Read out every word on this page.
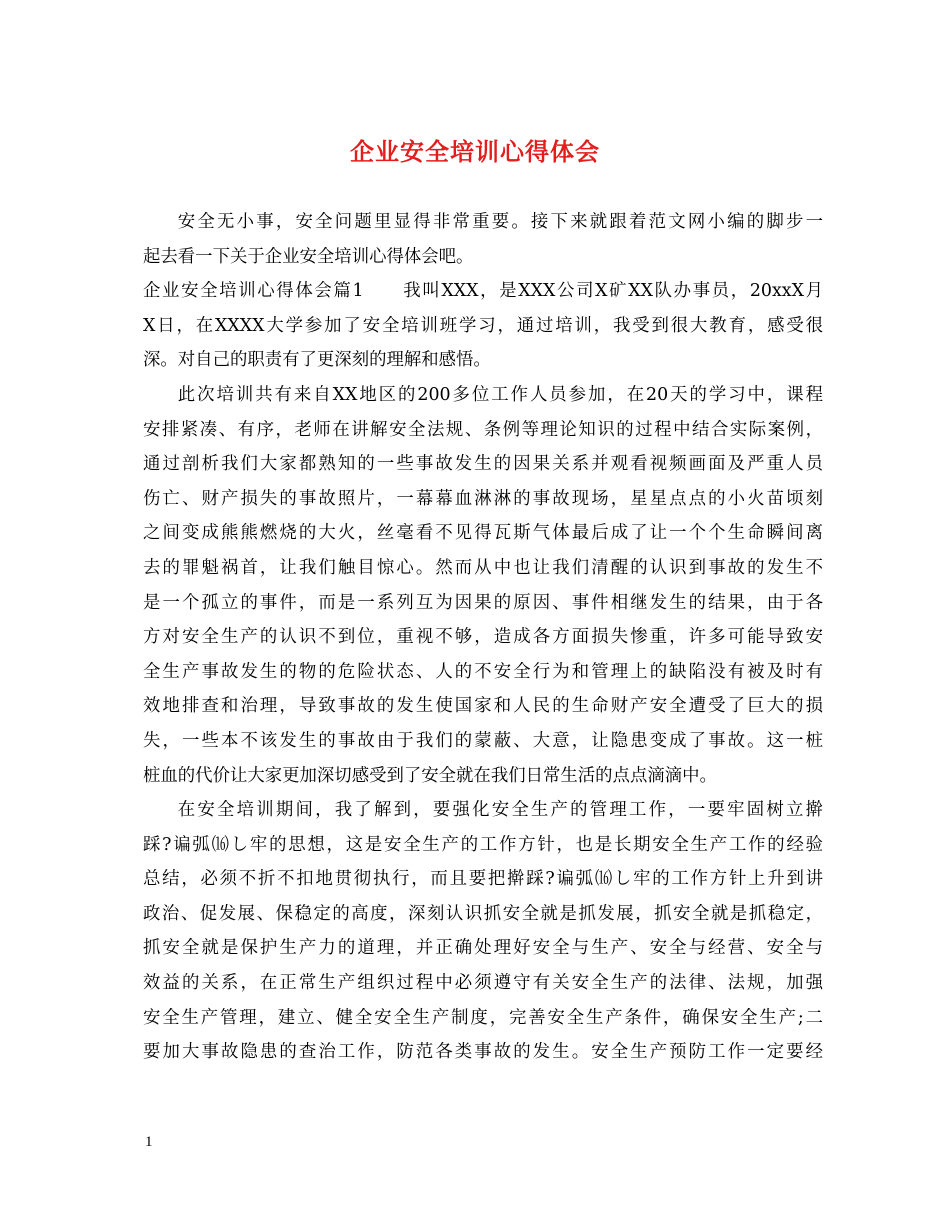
企业安全培训心得体会
安全无小事，安全问题里显得非常重要。接下来就跟着范文网小编的脚步一
起去看一下关于企业安全培训心得体会吧。
企业安全培训心得体会篇1　　我叫XXX，是XXX公司X矿XX队办事员，20xxX月
X日，在XXXX大学参加了安全培训班学习，通过培训，我受到很大教育，感受很
深。对自己的职责有了更深刻的理解和感悟。
此次培训共有来自XX地区的200多位工作人员参加，在20天的学习中，课程
安排紧凑、有序，老师在讲解安全法规、条例等理论知识的过程中结合实际案例，
通过剖析我们大家都熟知的一些事故发生的因果关系并观看视频画面及严重人员
伤亡、财产损失的事故照片，一幕幕血淋淋的事故现场，星星点点的小火苗顷刻
之间变成熊熊燃烧的大火，丝毫看不见得瓦斯气体最后成了让一个个生命瞬间离
去的罪魁祸首，让我们触目惊心。然而从中也让我们清醒的认识到事故的发生不
是一个孤立的事件，而是一系列互为因果的原因、事件相继发生的结果，由于各
方对安全生产的认识不到位，重视不够，造成各方面损失惨重，许多可能导致安
全生产事故发生的物的危险状态、人的不安全行为和管理上的缺陷没有被及时有
效地排查和治理，导致事故的发生使国家和人民的生命财产安全遭受了巨大的损
失，一些本不该发生的事故由于我们的蒙蔽、大意，让隐患变成了事故。这一桩
桩血的代价让大家更加深切感受到了安全就在我们日常生活的点点滴滴中。
在安全培训期间，我了解到，要强化安全生产的管理工作，一要牢固树立擀
踩?谝弧⒃し牢的思想，这是安全生产的工作方针，也是长期安全生产工作的经验
总结，必须不折不扣地贯彻执行，而且要把擀踩?谝弧⒃し牢的工作方针上升到讲
政治、促发展、保稳定的高度，深刻认识抓安全就是抓发展，抓安全就是抓稳定，
抓安全就是保护生产力的道理，并正确处理好安全与生产、安全与经营、安全与
效益的关系，在正常生产组织过程中必须遵守有关安全生产的法律、法规，加强
安全生产管理，建立、健全安全生产制度，完善安全生产条件，确保安全生产;二
要加大事故隐患的查治工作，防范各类事故的发生。安全生产预防工作一定要经
1
